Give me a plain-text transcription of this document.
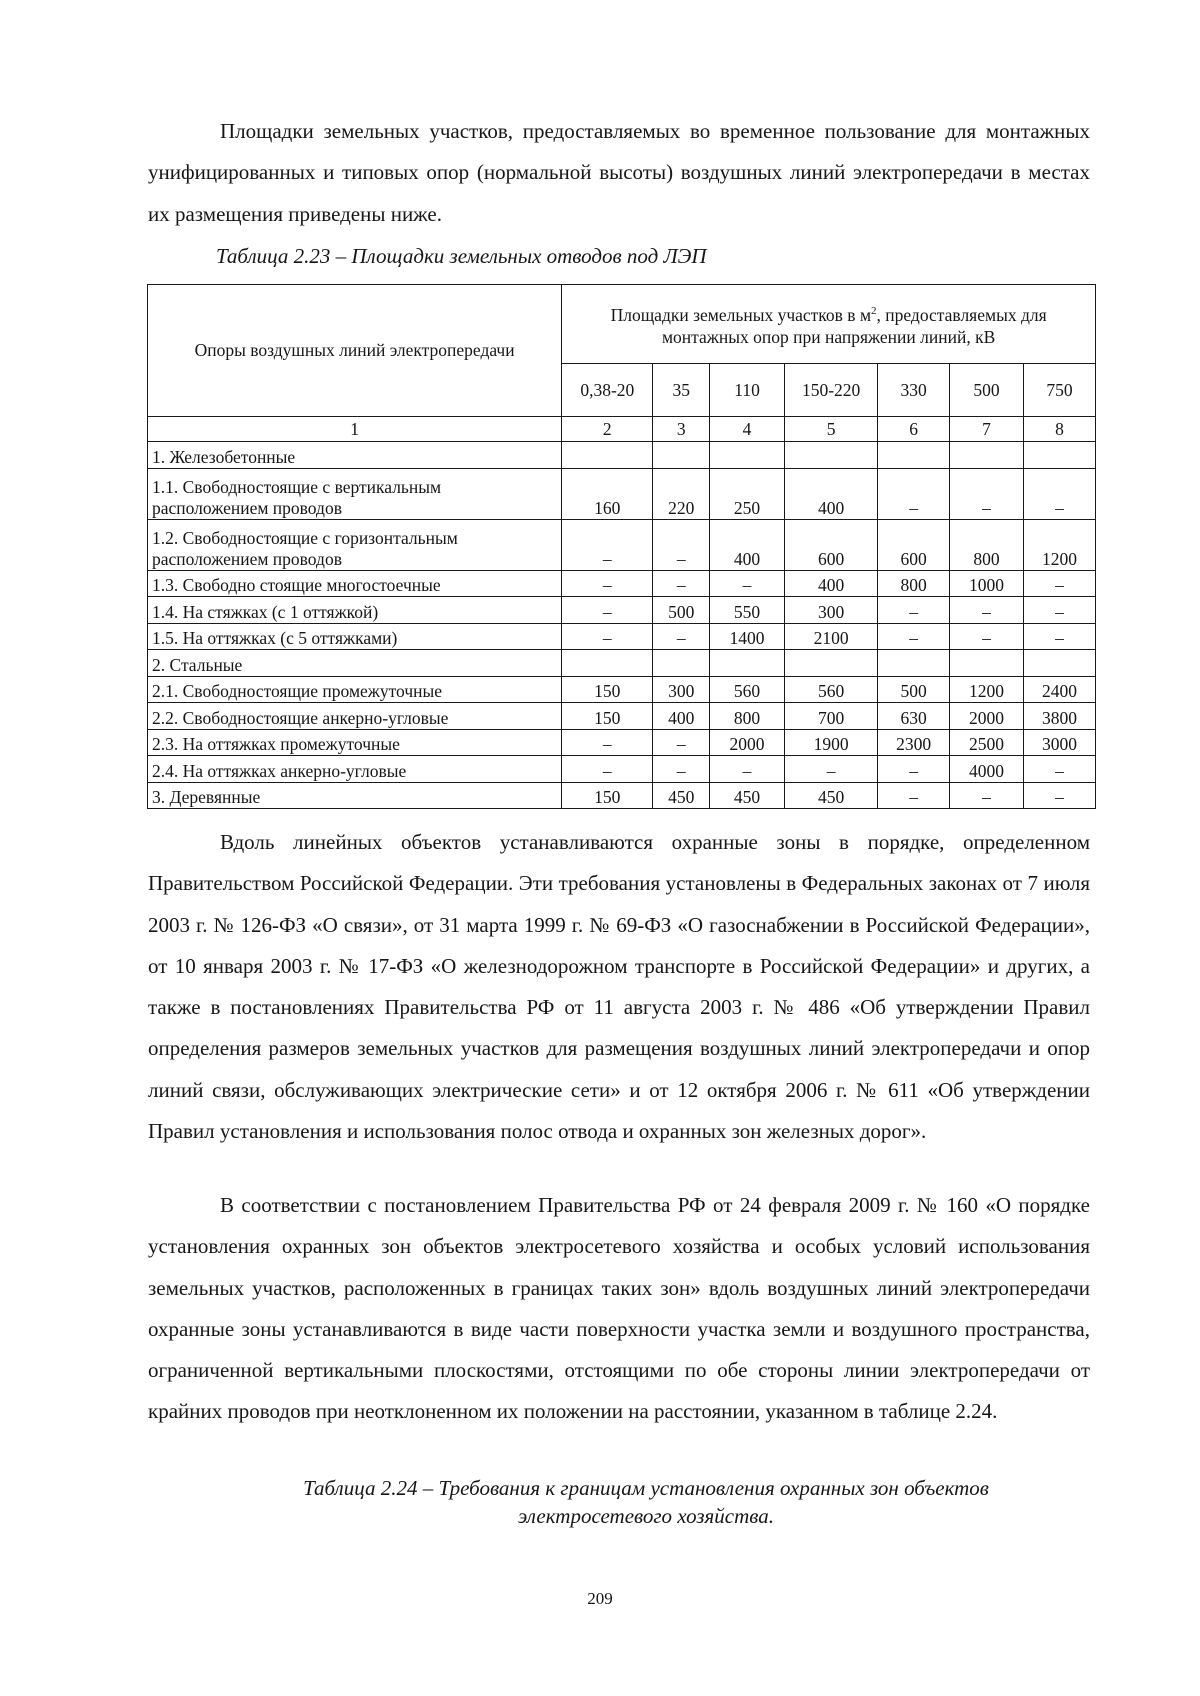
Площадки земельных участков, предоставляемых во временное пользование для монтажных унифицированных и типовых опор (нормальной высоты) воздушных линий электропередачи в местах их размещения приведены ниже.

Таблица 2.23 – Площадки земельных отводов под ЛЭП

Опоры воздушных линий электропередачи	Площадки земельных участков в $м^2$, предоставляемых для монтажных опор при напряжении линий, кВ						
	0,38-20	35	110	150-220	330	500	750
1	2	3	4	5	6	7	8
1. Железобетонные							
1.1. Свободностоящие с вертикальным расположением проводов	160	220	250	400	–	–	–
1.2. Свободностоящие с горизонтальным расположением проводов	–	–	400	600	600	800	1200
1.3. Свободно стоящие многостоечные	–	–	–	400	800	1000	–
1.4. На стяжках (с 1 оттяжкой)	–	500	550	300	–	–	–
1.5. На оттяжках (с 5 оттяжками)	–	–	1400	2100	–	–	–
2. Стальные							
2.1. Свободностоящие промежуточные	150	300	560	560	500	1200	2400
2.2. Свободностоящие анкерно-угловые	150	400	800	700	630	2000	3800
2.3. На оттяжках промежуточные	–	–	2000	1900	2300	2500	3000
2.4. На оттяжках анкерно-угловые	–	–	–	–	–	4000	–
3. Деревянные	150	450	450	450	–	–	–

Вдоль линейных объектов устанавливаются охранные зоны в порядке, определенном Правительством Российской Федерации. Эти требования установлены в Федеральных законах от 7 июля 2003 г. № 126-ФЗ «О связи», от 31 марта 1999 г. № 69-ФЗ «О газоснабжении в Российской Федерации», от 10 января 2003 г. № 17-ФЗ «О железнодорожном транспорте в Российской Федерации» и других, а также в постановлениях Правительства РФ от 11 августа 2003 г. № 486 «Об утверждении Правил определения размеров земельных участков для размещения воздушных линий электропередачи и опор линий связи, обслуживающих электрические сети» и от 12 октября 2006 г. № 611 «Об утверждении Правил установления и использования полос отвода и охранных зон железных дорог».

В соответствии с постановлением Правительства РФ от 24 февраля 2009 г. № 160 «О порядке установления охранных зон объектов электросетевого хозяйства и особых условий использования земельных участков, расположенных в границах таких зон» вдоль воздушных линий электропередачи охранные зоны устанавливаются в виде части поверхности участка земли и воздушного пространства, ограниченной вертикальными плоскостями, отстоящими по обе стороны линии электропередачи от крайних проводов при неотклоненном их положении на расстоянии, указанном в таблице 2.24.

Таблица 2.24 – Требования к границам установления охранных зон объектов
электросетевого хозяйства.

209
